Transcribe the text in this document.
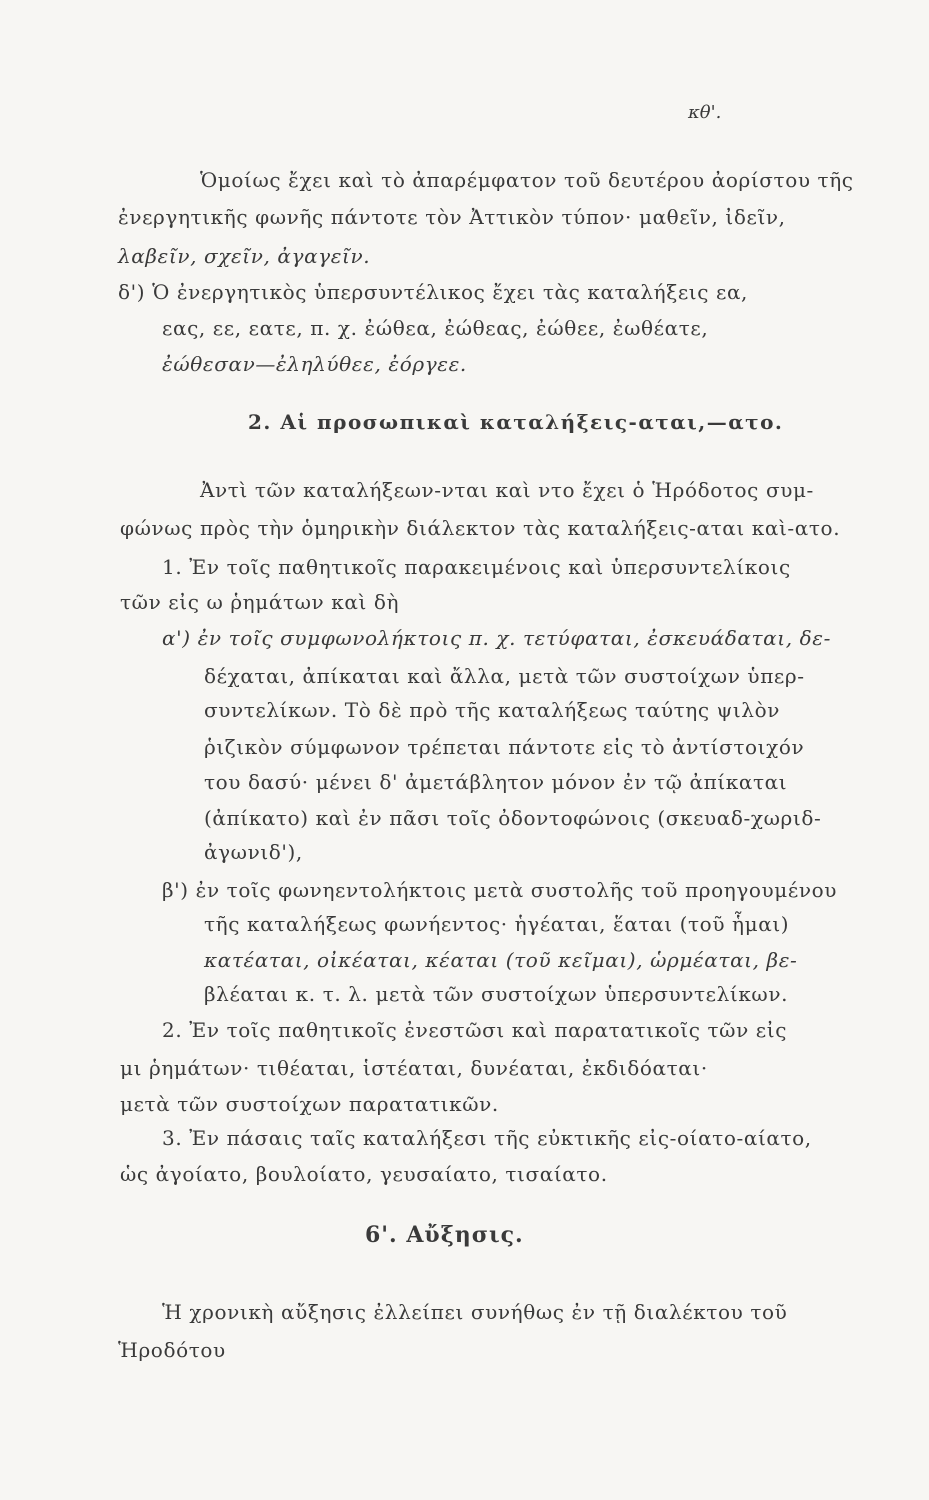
κθ'.
Ὁμοίως ἔχει καὶ τὸ ἀπαρέμφατον τοῦ δευτέρου ἀορίστου τῆς
ἐνεργητικῆς φωνῆς πάντοτε τὸν Ἀττικὸν τύπον· μαθεῖν, ἰδεῖν,
λαβεῖν, σχεῖν, ἀγαγεῖν.
δ') Ὁ ἐνεργητικὸς ὑπερσυντέλικος ἔχει τὰς καταλήξεις εα,
εας, εε, εατε, π. χ. ἐώθεα, ἐώθεας, ἐώθεε, ἐωθέατε,
ἐώθεσαν—ἐληλύθεε, ἐόργεε.
2. Αἱ προσωπικαὶ καταλήξεις-αται,—ατο.
Ἀντὶ τῶν καταλήξεων-νται καὶ ντο ἔχει ὁ Ἡρόδοτος συμ-
φώνως πρὸς τὴν ὁμηρικὴν διάλεκτον τὰς καταλήξεις-αται καὶ-ατο.
1. Ἐν τοῖς παθητικοῖς παρακειμένοις καὶ ὑπερσυντελίκοις
τῶν εἰς ω ῥημάτων καὶ δὴ
α') ἐν τοῖς συμφωνολήκτοις π. χ. τετύφαται, ἐσκευάδαται, δε-
δέχαται, ἀπίκαται καὶ ἄλλα, μετὰ τῶν συστοίχων ὑπερ-
συντελίκων. Τὸ δὲ πρὸ τῆς καταλήξεως ταύτης ψιλὸν
ῥιζικὸν σύμφωνον τρέπεται πάντοτε εἰς τὸ ἀντίστοιχόν
του δασύ· μένει δ' ἀμετάβλητον μόνον ἐν τῷ ἀπίκαται
(ἀπίκατο) καὶ ἐν πᾶσι τοῖς ὀδοντοφώνοις (σκευαδ-χωριδ-
ἀγωνιδ'),
β') ἐν τοῖς φωνηεντολήκτοις μετὰ συστολῆς τοῦ προηγουμένου
τῆς καταλήξεως φωνήεντος· ἡγέαται, ἕαται (τοῦ ἧμαι)
κατέαται, οἰκέαται, κέαται (τοῦ κεῖμαι), ὡρμέαται, βε-
βλέαται κ. τ. λ. μετὰ τῶν συστοίχων ὑπερσυντελίκων.
2. Ἐν τοῖς παθητικοῖς ἐνεστῶσι καὶ παρατατικοῖς τῶν εἰς
μι ῥημάτων· τιθέαται, ἱστέαται, δυνέαται, ἐκδιδόαται·
μετὰ τῶν συστοίχων παρατατικῶν.
3. Ἐν πάσαις ταῖς καταλήξεσι τῆς εὐκτικῆς εἰς-οίατο-αίατο,
ὡς ἀγοίατο, βουλοίατο, γευσαίατο, τισαίατο.
6'. Αὔξησις.
Ἡ χρονικὴ αὔξησις ἐλλείπει συνήθως ἐν τῇ διαλέκτου τοῦ
Ἡροδότου
